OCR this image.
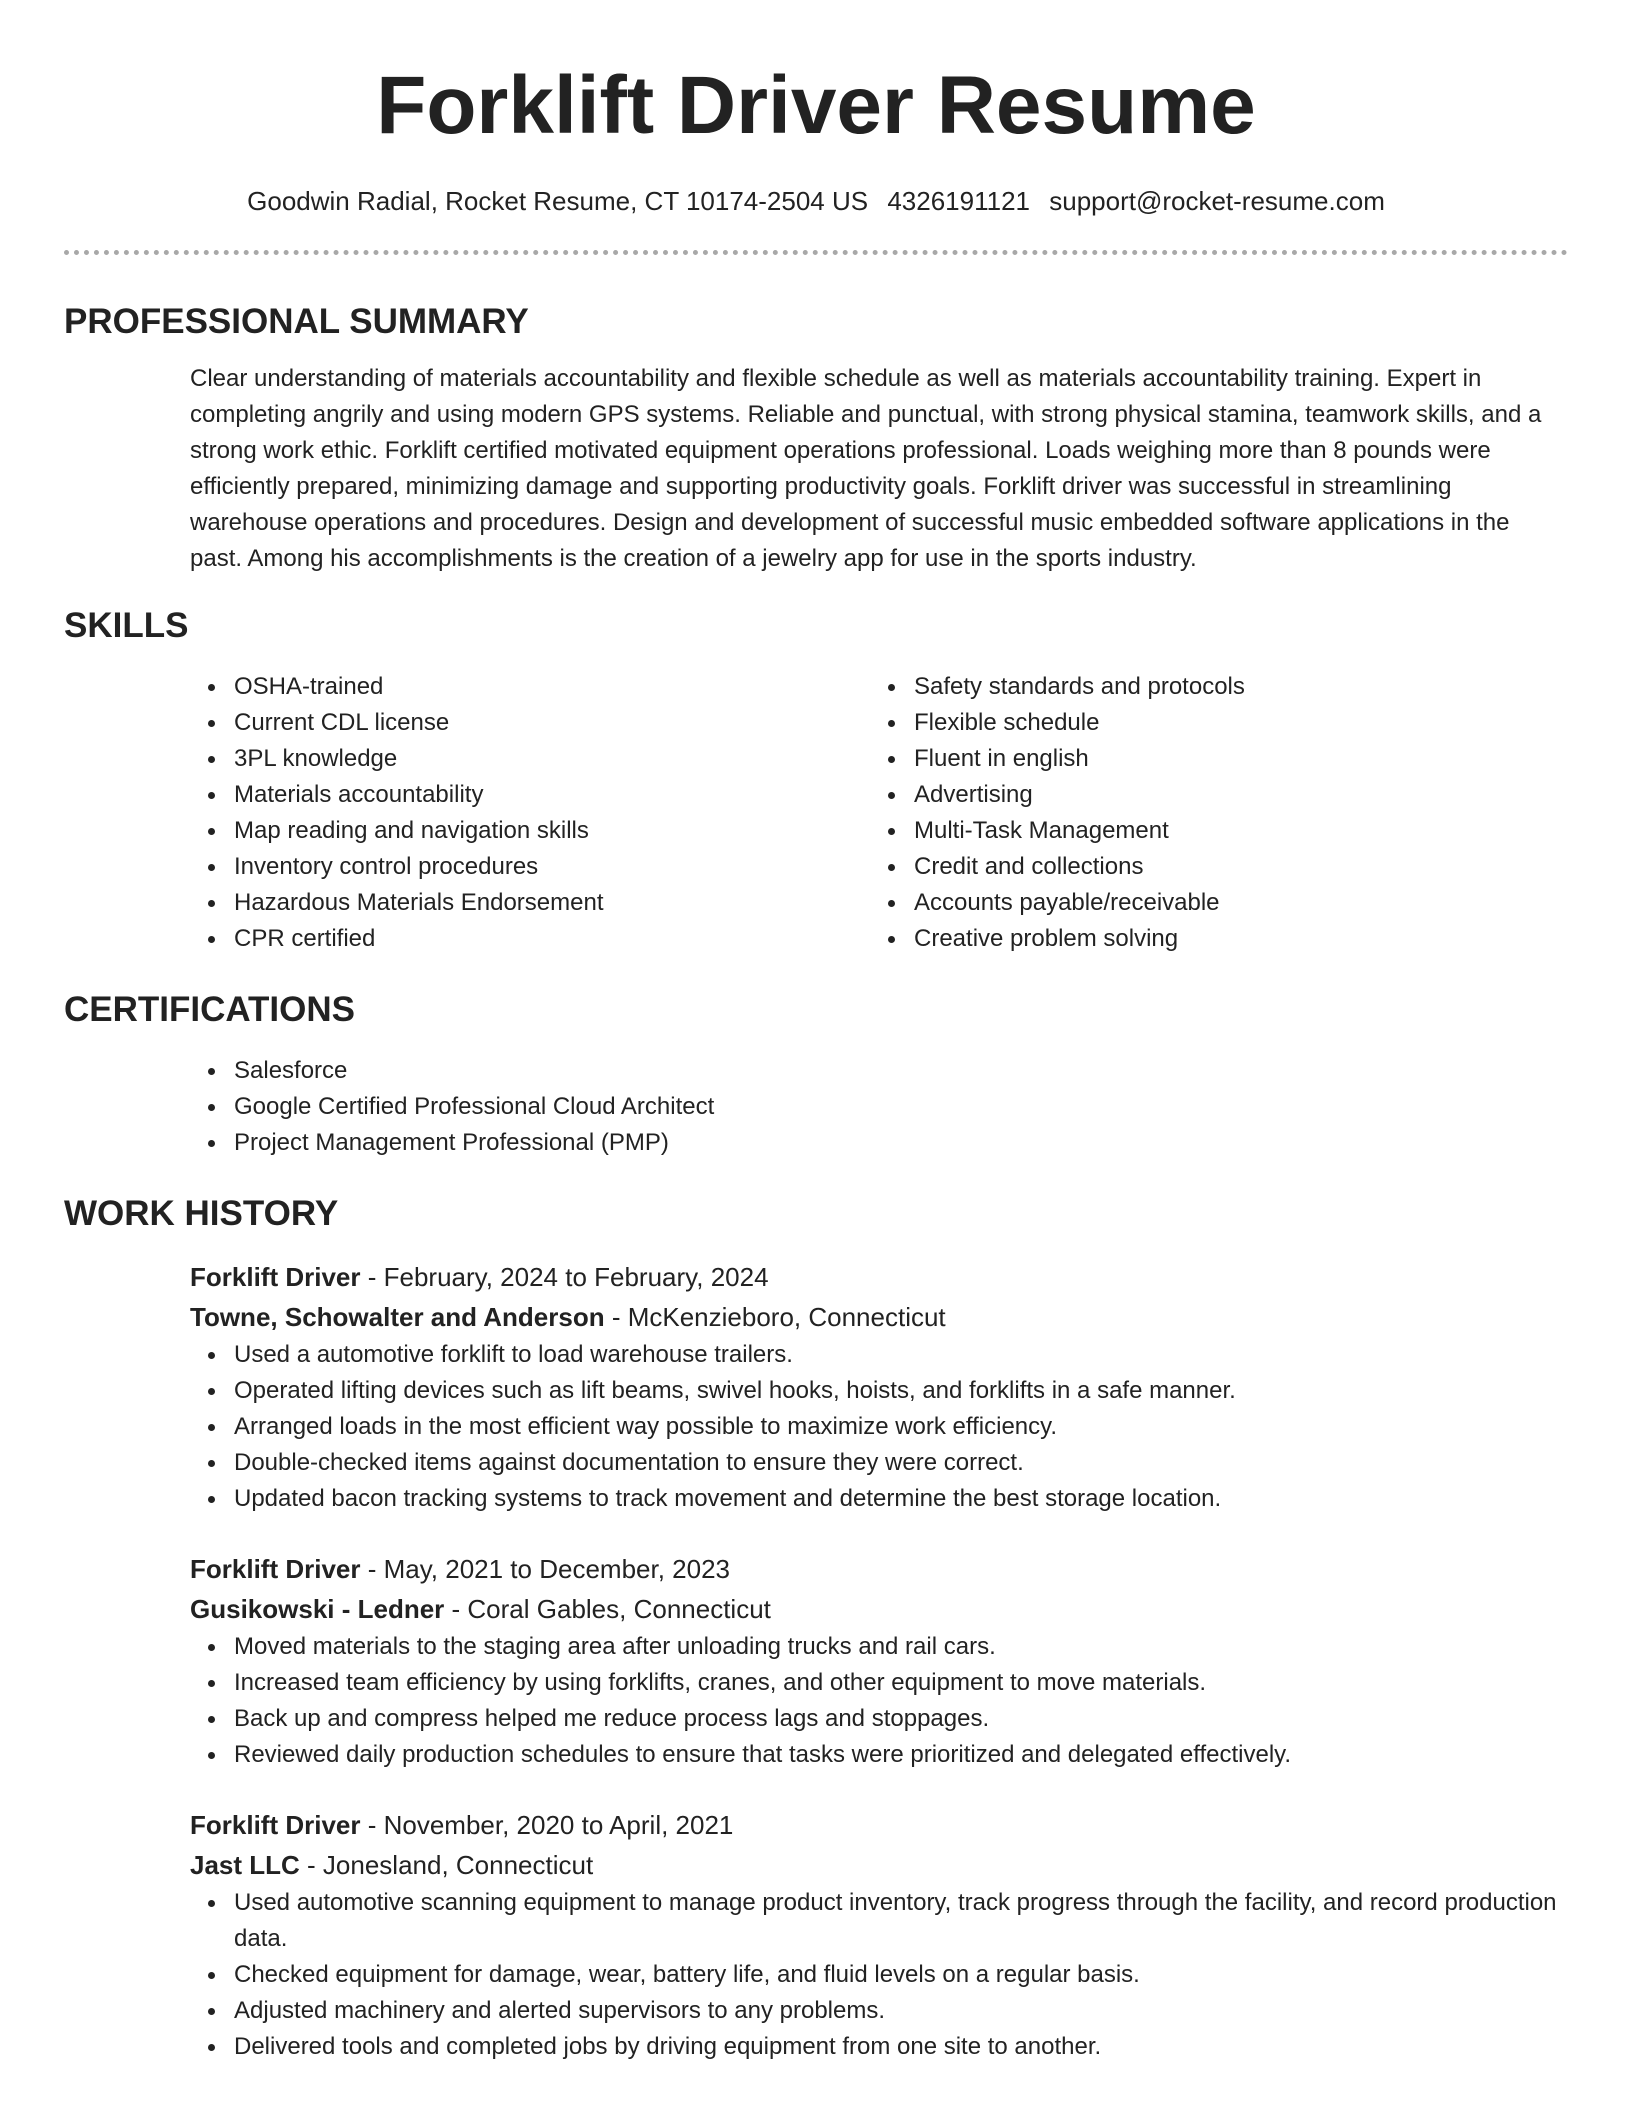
Forklift Driver Resume
Goodwin Radial, Rocket Resume, CT 10174-2504 US 4326191121 support@rocket-resume.com
PROFESSIONAL SUMMARY
Clear understanding of materials accountability and flexible schedule as well as materials accountability training. Expert in completing angrily and using modern GPS systems. Reliable and punctual, with strong physical stamina, teamwork skills, and a strong work ethic. Forklift certified motivated equipment operations professional. Loads weighing more than 8 pounds were efficiently prepared, minimizing damage and supporting productivity goals. Forklift driver was successful in streamlining warehouse operations and procedures. Design and development of successful music embedded software applications in the past. Among his accomplishments is the creation of a jewelry app for use in the sports industry.
SKILLS
OSHA-trained
Current CDL license
3PL knowledge
Materials accountability
Map reading and navigation skills
Inventory control procedures
Hazardous Materials Endorsement
CPR certified
Safety standards and protocols
Flexible schedule
Fluent in english
Advertising
Multi-Task Management
Credit and collections
Accounts payable/receivable
Creative problem solving
CERTIFICATIONS
Salesforce
Google Certified Professional Cloud Architect
Project Management Professional (PMP)
WORK HISTORY
Forklift Driver - February, 2024 to February, 2024
Towne, Schowalter and Anderson - McKenzieboro, Connecticut
Used a automotive forklift to load warehouse trailers.
Operated lifting devices such as lift beams, swivel hooks, hoists, and forklifts in a safe manner.
Arranged loads in the most efficient way possible to maximize work efficiency.
Double-checked items against documentation to ensure they were correct.
Updated bacon tracking systems to track movement and determine the best storage location.
Forklift Driver - May, 2021 to December, 2023
Gusikowski - Ledner - Coral Gables, Connecticut
Moved materials to the staging area after unloading trucks and rail cars.
Increased team efficiency by using forklifts, cranes, and other equipment to move materials.
Back up and compress helped me reduce process lags and stoppages.
Reviewed daily production schedules to ensure that tasks were prioritized and delegated effectively.
Forklift Driver - November, 2020 to April, 2021
Jast LLC - Jonesland, Connecticut
Used automotive scanning equipment to manage product inventory, track progress through the facility, and record production data.
Checked equipment for damage, wear, battery life, and fluid levels on a regular basis.
Adjusted machinery and alerted supervisors to any problems.
Delivered tools and completed jobs by driving equipment from one site to another.
